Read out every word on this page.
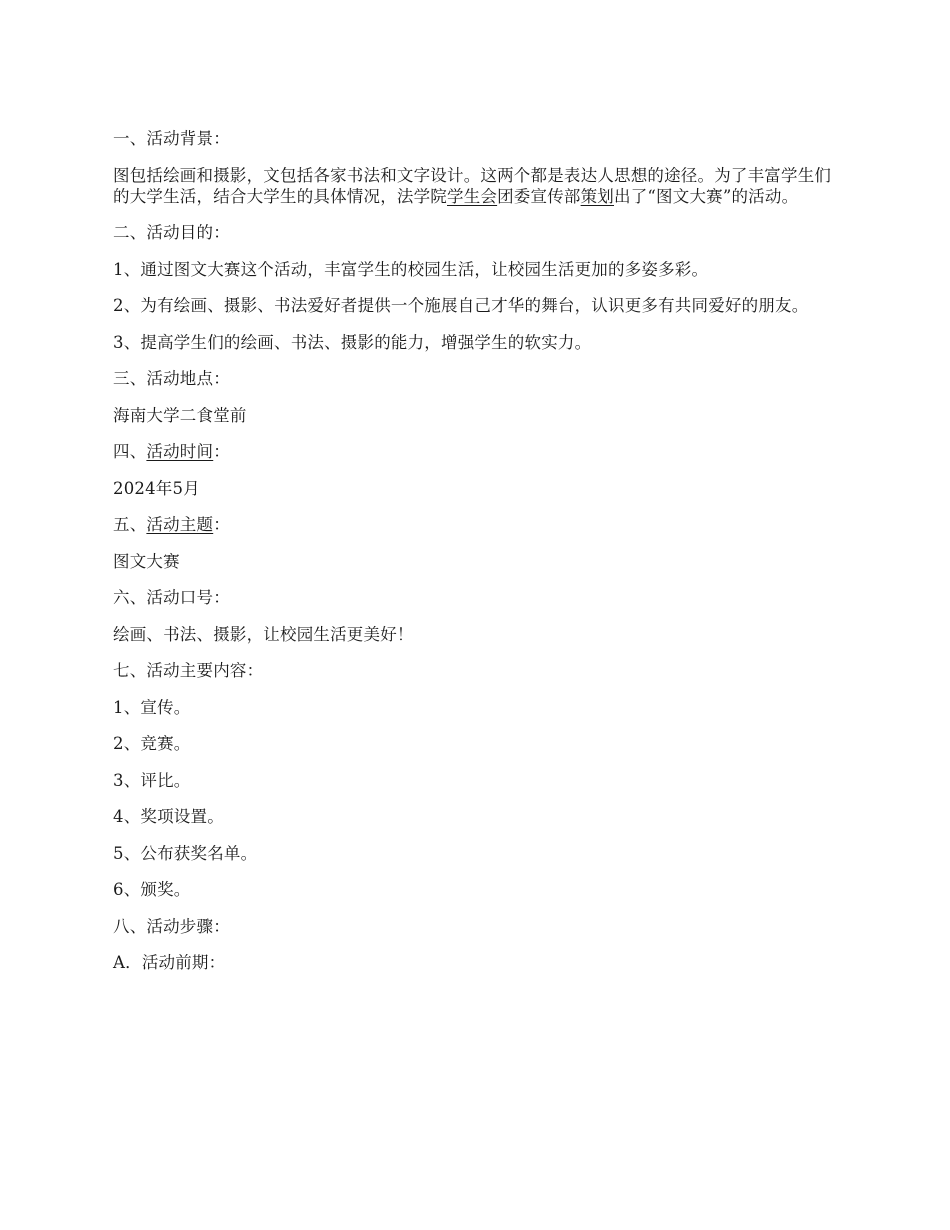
一、活动背景：

图包括绘画和摄影，文包括各家书法和文字设计。这两个都是表达人思想的途径。为了丰富学生们的大学生活，结合大学生的具体情况，法学院学生会团委宣传部策划出了“图文大赛”的活动。

二、活动目的：

1、通过图文大赛这个活动，丰富学生的校园生活，让校园生活更加的多姿多彩。

2、为有绘画、摄影、书法爱好者提供一个施展自己才华的舞台，认识更多有共同爱好的朋友。

3、提高学生们的绘画、书法、摄影的能力，增强学生的软实力。

三、活动地点：

海南大学二食堂前

四、活动时间：

2024年5月

五、活动主题：

图文大赛

六、活动口号：

绘画、书法、摄影，让校园生活更美好！

七、活动主要内容：

1、宣传。

2、竞赛。

3、评比。

4、奖项设置。

5、公布获奖名单。

6、颁奖。

八、活动步骤：

A．活动前期：
